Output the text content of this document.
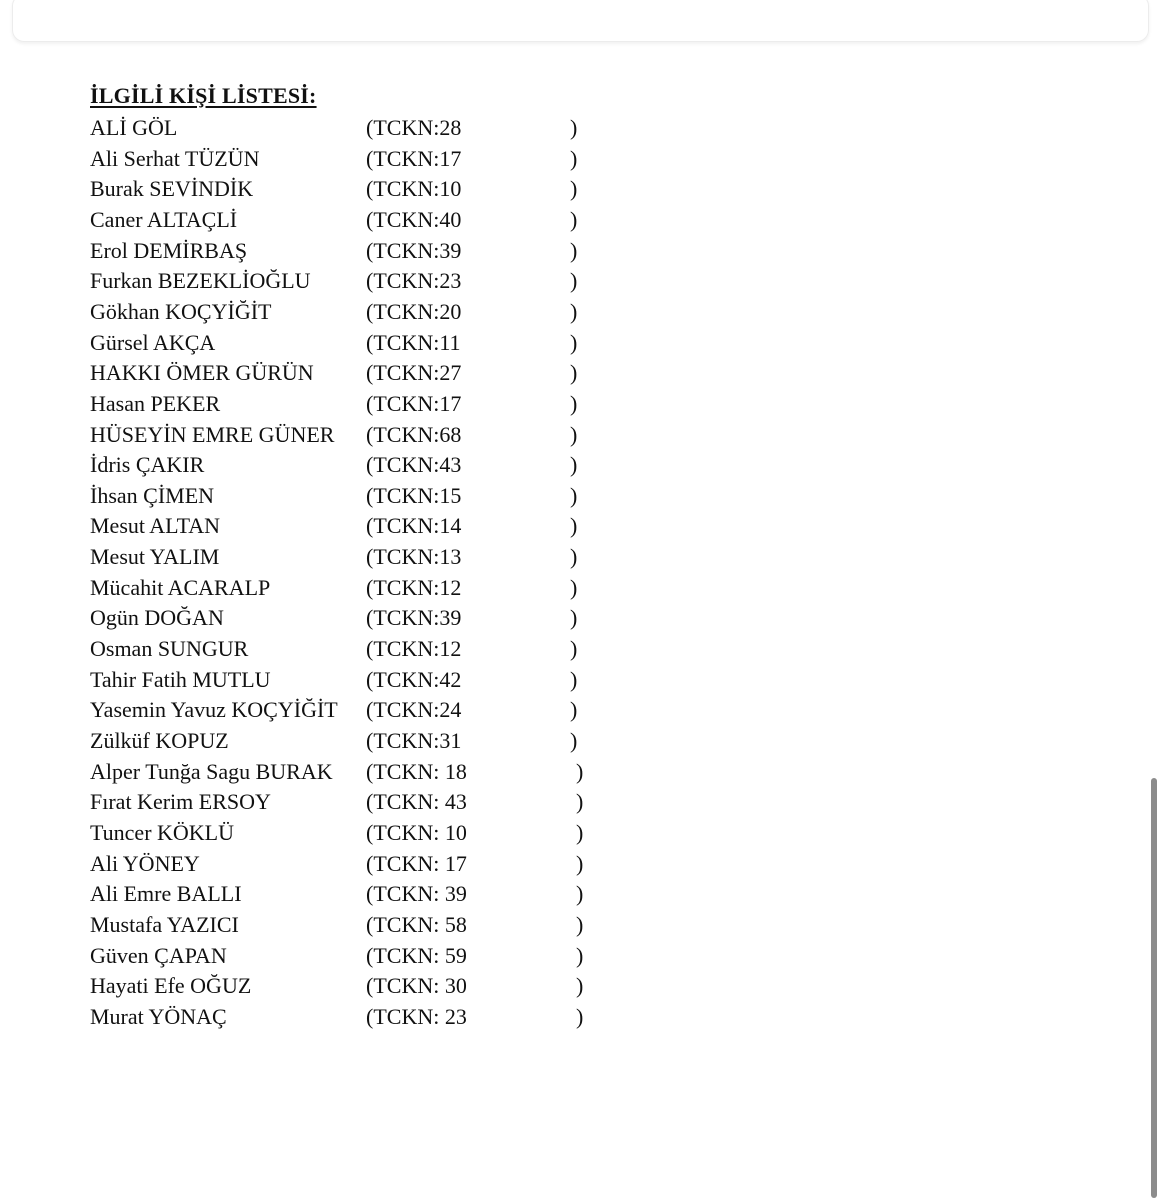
İLGİLİ KİŞİ LİSTESİ:
ALİ GÖL	(TCKN:28	)
Ali Serhat TÜZÜN	(TCKN:17	)
Burak SEVİNDİK	(TCKN:10	)
Caner ALTAÇLİ	(TCKN:40	)
Erol DEMİRBAŞ	(TCKN:39	)
Furkan BEZEKLİOĞLU	(TCKN:23	)
Gökhan KOÇYİĞİT	(TCKN:20	)
Gürsel AKÇA	(TCKN:11	)
HAKKI ÖMER GÜRÜN (TCKN:27	)
Hasan PEKER	(TCKN:17	)
HÜSEYİN EMRE GÜNER (TCKN:68	)
İdris ÇAKIR	(TCKN:43	)
İhsan ÇİMEN	(TCKN:15	)
Mesut ALTAN	(TCKN:14	)
Mesut YALIM	(TCKN:13	)
Mücahit ACARALP	(TCKN:12	)
Ogün DOĞAN	(TCKN:39	)
Osman SUNGUR	(TCKN:12	)
Tahir Fatih MUTLU	(TCKN:42	)
Yasemin Yavuz KOÇYİĞİT (TCKN:24	)
Zülküf KOPUZ	(TCKN:31	)
Alper Tunğa Sagu BURAK (TCKN: 18	)
Fırat Kerim ERSOY	(TCKN: 43	)
Tuncer KÖKLÜ	(TCKN: 10	)
Ali YÖNEY	(TCKN: 17	)
Ali Emre BALLI	(TCKN: 39	)
Mustafa YAZICI	(TCKN: 58	)
Güven ÇAPAN	(TCKN: 59	)
Hayati Efe OĞUZ	(TCKN: 30	)
Murat YÖNAÇ	(TCKN: 23	)
